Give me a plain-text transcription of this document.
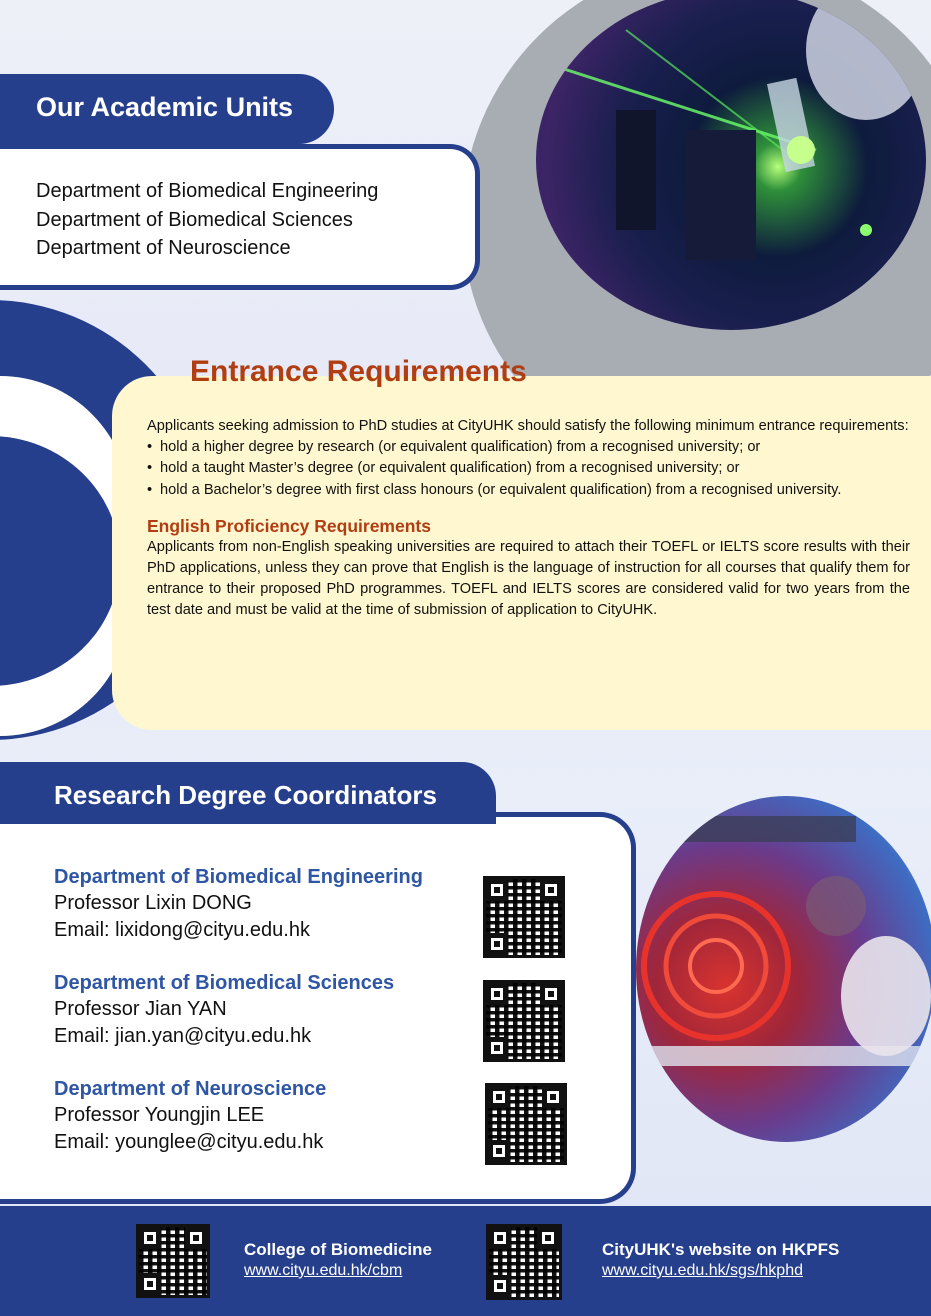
Our Academic Units
Department of Biomedical Engineering
Department of Biomedical Sciences
Department of Neuroscience
Entrance Requirements

Applicants seeking admission to PhD studies at CityUHK should satisfy the following minimum entrance requirements:

• hold a higher degree by research (or equivalent qualification) from a recognised university; or
• hold a taught Master’s degree (or equivalent qualification) from a recognised university; or
• hold a Bachelor’s degree with first class honours (or equivalent qualification) from a recognised university.
English Proficiency Requirements

Applicants from non-English speaking universities are required to attach their TOEFL or IELTS score results with their PhD applications, unless they can prove that English is the language of instruction for all courses that qualify them for entrance to their proposed PhD programmes. TOEFL and IELTS scores are considered valid for two years from the test date and must be valid at the time of submission of application to CityUHK.

Research Degree Coordinators
Department of Biomedical Engineering
Professor Lixin DONG
Email: lixidong@cityu.edu.hk
Department of Biomedical Sciences
Professor Jian YAN
Email: jian.yan@cityu.edu.hk
Department of Neuroscience
Professor Youngjin LEE
Email: younglee@cityu.edu.hk
College of Biomedicine
www.cityu.edu.hk/cbm
CityUHK's website on HKPFS
www.cityu.edu.hk/sgs/hkphd
